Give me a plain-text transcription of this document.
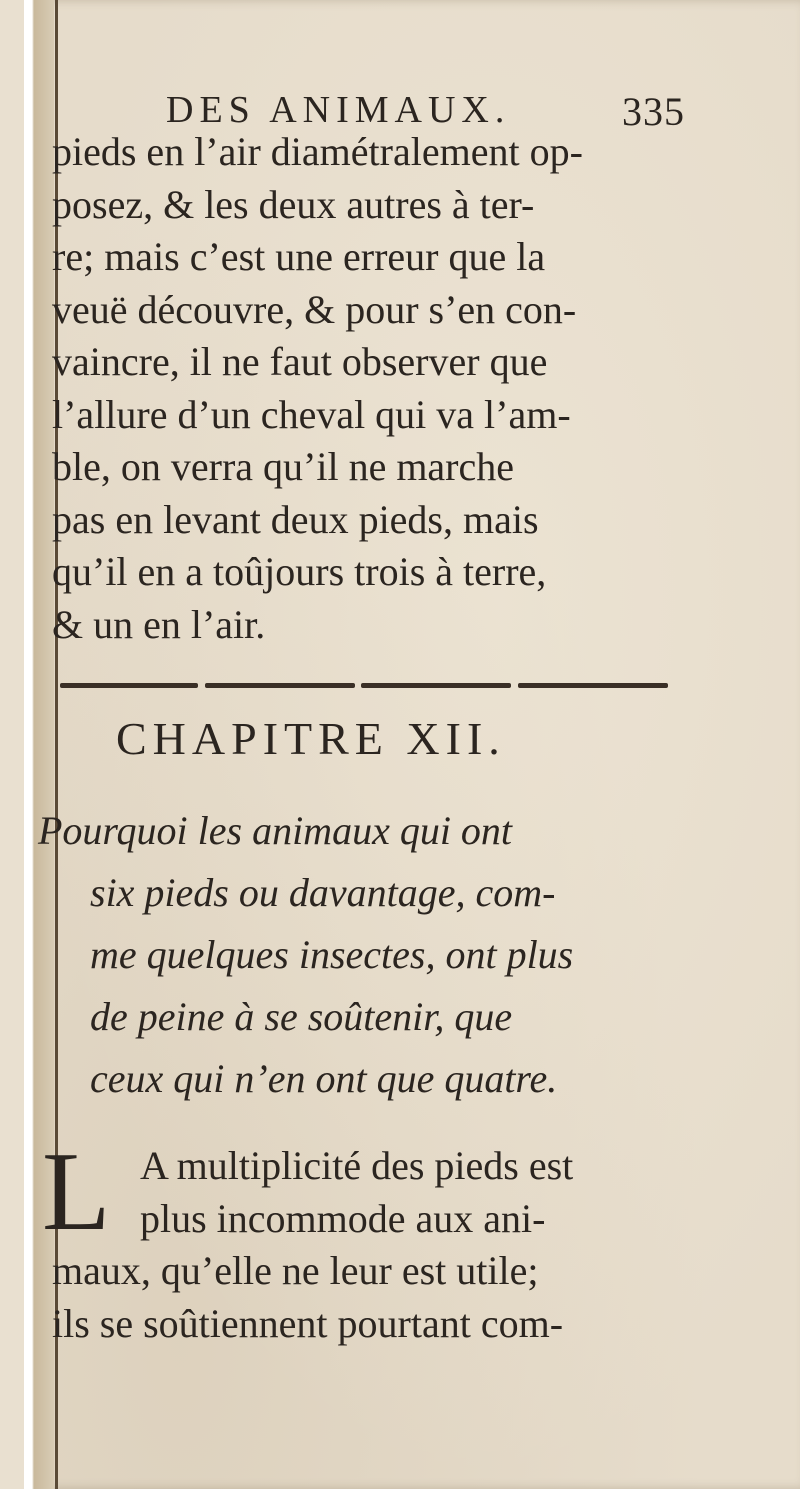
DES ANIMAUX.	335
pieds en l’air diamétralement op-
posez, & les deux autres à ter-
re; mais c’est une erreur que la
veuë découvre, & pour s’en con-
vaincre, il ne faut observer que
l’allure d’un cheval qui va l’am-
ble, on verra qu’il ne marche
pas en levant deux pieds, mais
qu’il en a toûjours trois à terre,
& un en l’air.
CHAPITRE XII.
Pourquoi les animaux qui ont
six pieds ou davantage, com-
me quelques insectes, ont plus
de peine à se soûtenir, que
ceux qui n’en ont que quatre.
L A multiplicité des pieds est
plus incommode aux ani-
maux, qu’elle ne leur est utile;
ils se soûtiennent pourtant com-
